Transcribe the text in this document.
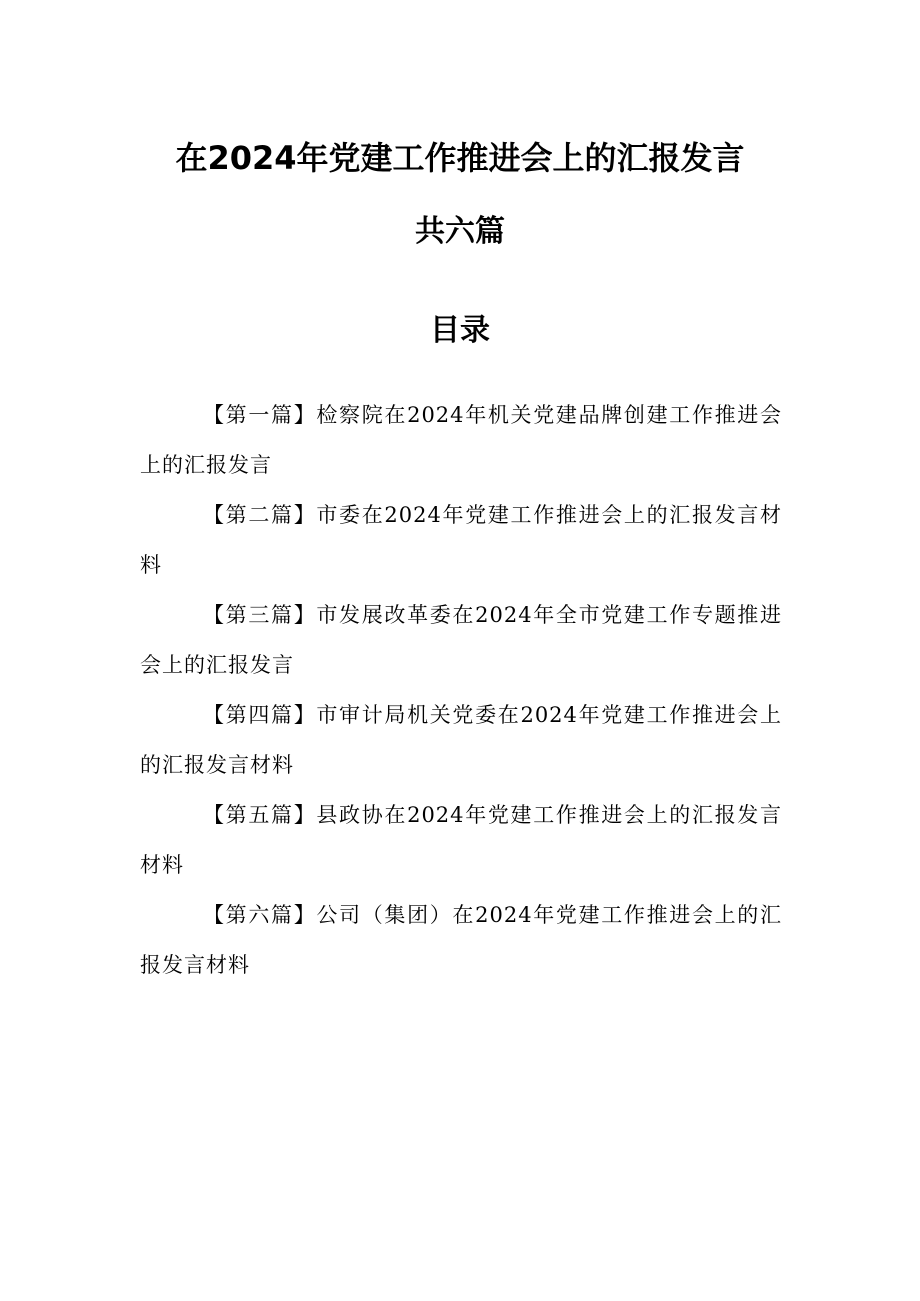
在2024年党建工作推进会上的汇报发言
共六篇
目录
【第一篇】检察院在2024年机关党建品牌创建工作推进会上的汇报发言
【第二篇】市委在2024年党建工作推进会上的汇报发言材料
【第三篇】市发展改革委在2024年全市党建工作专题推进会上的汇报发言
【第四篇】市审计局机关党委在2024年党建工作推进会上的汇报发言材料
【第五篇】县政协在2024年党建工作推进会上的汇报发言材料
【第六篇】公司（集团）在2024年党建工作推进会上的汇报发言材料
